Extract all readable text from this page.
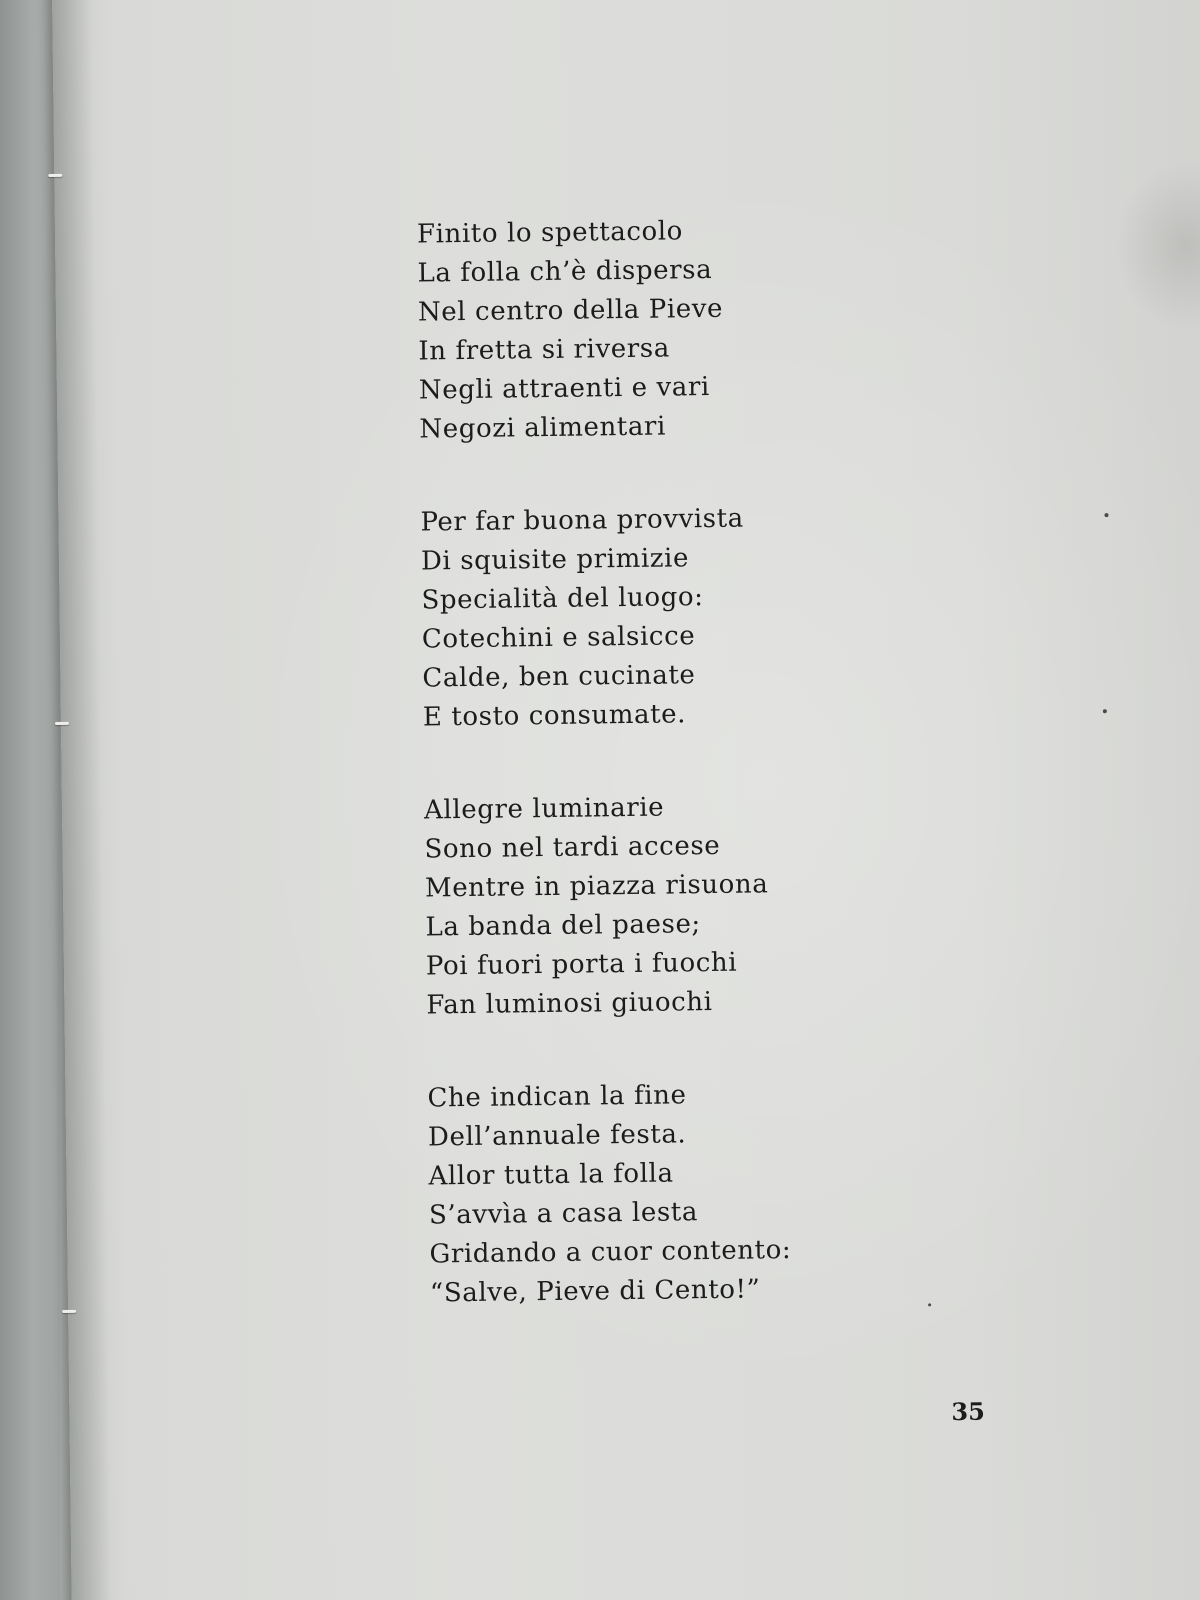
Finito lo spettacolo
La folla ch’è dispersa
Nel centro della Pieve
In fretta si riversa
Negli attraenti e vari
Negozi alimentari
Per far buona provvista
Di squisite primizie
Specialità del luogo:
Cotechini e salsicce
Calde, ben cucinate
E tosto consumate.
Allegre luminarie
Sono nel tardi accese
Mentre in piazza risuona
La banda del paese;
Poi fuori porta i fuochi
Fan luminosi giuochi
Che indican la fine
Dell’annuale festa.
Allor tutta la folla
S’avvìa a casa lesta
Gridando a cuor contento:
“Salve, Pieve di Cento!”
35
